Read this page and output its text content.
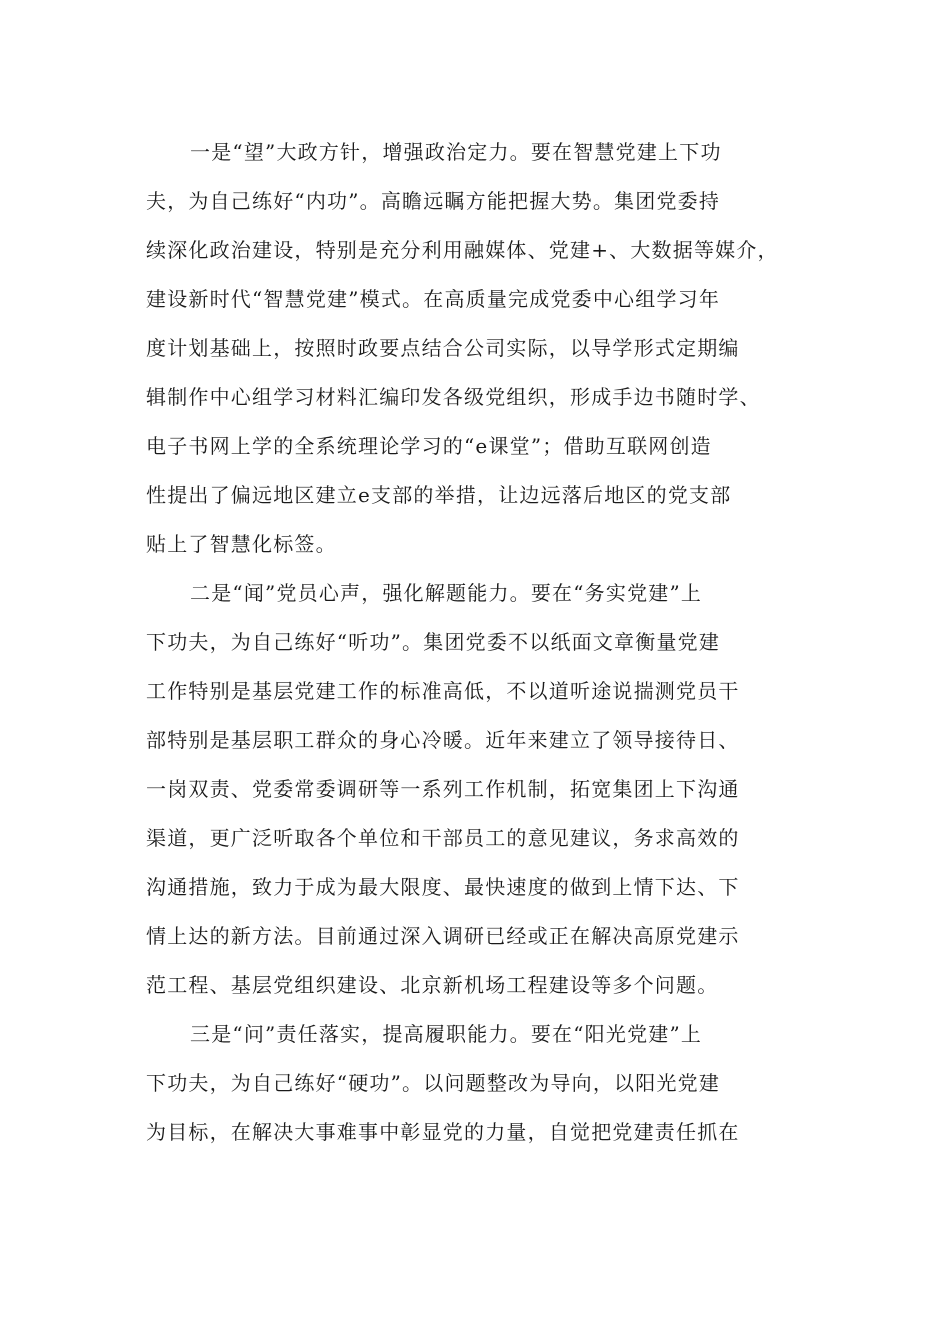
一是“望”大政方针，增强政治定力。要在智慧党建上下功
夫，为自己练好“内功”。高瞻远瞩方能把握大势。集团党委持
续深化政治建设，特别是充分利用融媒体、党建+、大数据等媒介，
建设新时代“智慧党建”模式。在高质量完成党委中心组学习年
度计划基础上，按照时政要点结合公司实际，以导学形式定期编
辑制作中心组学习材料汇编印发各级党组织，形成手边书随时学、
电子书网上学的全系统理论学习的“e课堂”；借助互联网创造
性提出了偏远地区建立e支部的举措，让边远落后地区的党支部
贴上了智慧化标签。
二是“闻”党员心声，强化解题能力。要在“务实党建”上
下功夫，为自己练好“听功”。集团党委不以纸面文章衡量党建
工作特别是基层党建工作的标准高低，不以道听途说揣测党员干
部特别是基层职工群众的身心冷暖。近年来建立了领导接待日、
一岗双责、党委常委调研等一系列工作机制，拓宽集团上下沟通
渠道，更广泛听取各个单位和干部员工的意见建议，务求高效的
沟通措施，致力于成为最大限度、最快速度的做到上情下达、下
情上达的新方法。目前通过深入调研已经或正在解决高原党建示
范工程、基层党组织建设、北京新机场工程建设等多个问题。
三是“问”责任落实，提高履职能力。要在“阳光党建”上
下功夫，为自己练好“硬功”。以问题整改为导向，以阳光党建
为目标，在解决大事难事中彰显党的力量，自觉把党建责任抓在
